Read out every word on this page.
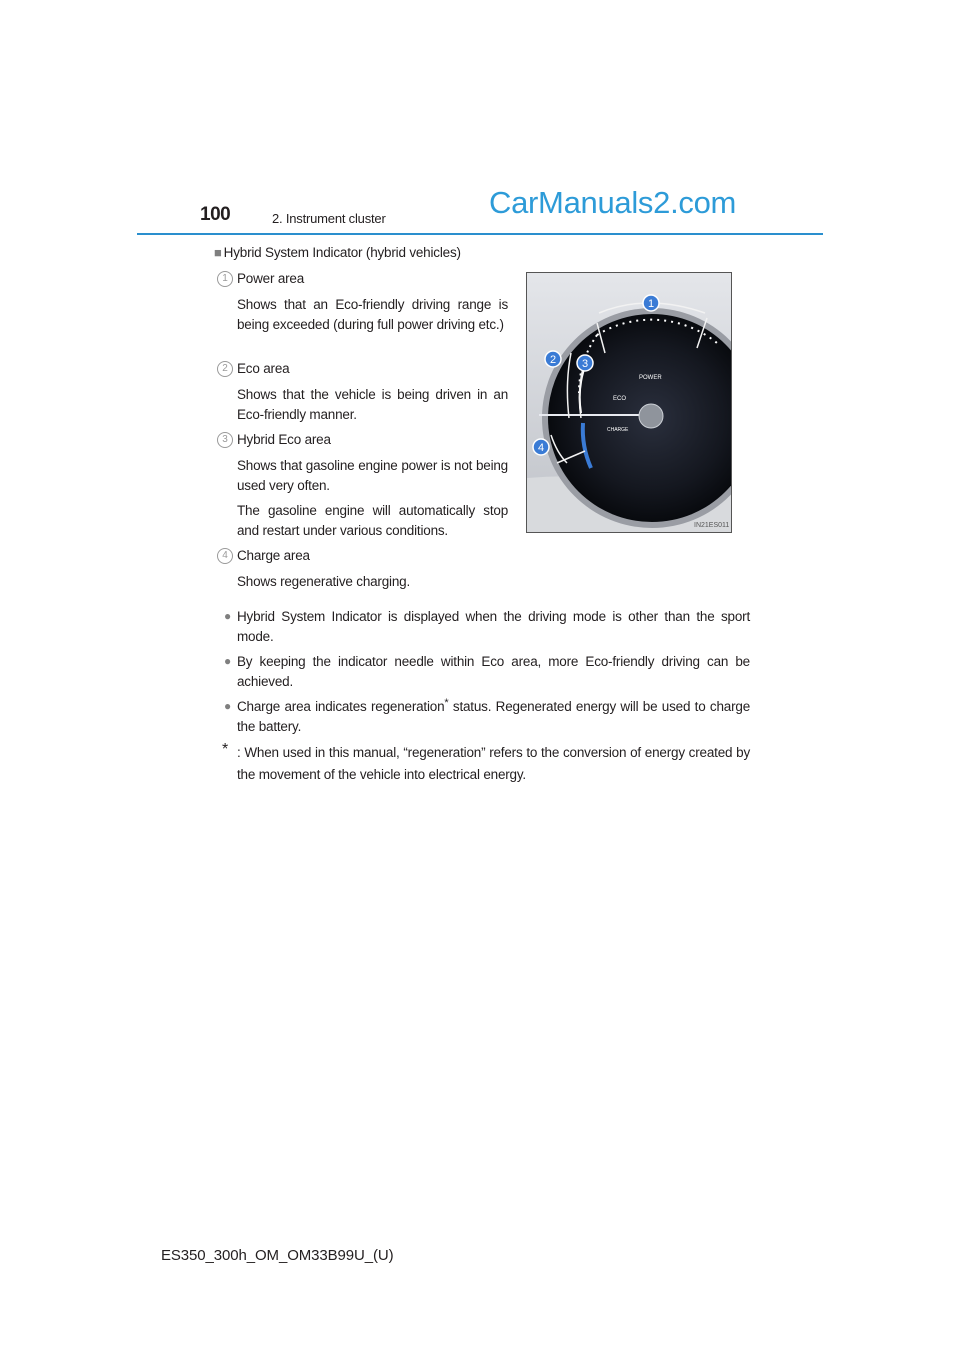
100	2. Instrument cluster	CarManuals2.com
■ Hybrid System Indicator (hybrid vehicles)
1 Power area
Shows that an Eco-friendly driving range is being exceeded (during full power driving etc.)
2 Eco area
Shows that the vehicle is being driven in an Eco-friendly manner.
3 Hybrid Eco area
Shows that gasoline engine power is not being used very often.
The gasoline engine will automatically stop and restart under various conditions.
4 Charge area
Shows regenerative charging.
POWER
ECO
CHARGE
1
2 3
4
IN21ES011
● Hybrid System Indicator is displayed when the driving mode is other than the sport mode.
● By keeping the indicator needle within Eco area, more Eco-friendly driving can be achieved.
● Charge area indicates regeneration* status. Regenerated energy will be used to charge the battery.
* : When used in this manual, “regeneration” refers to the conversion of energy created by the movement of the vehicle into electrical energy.
ES350_300h_OM_OM33B99U_(U)
